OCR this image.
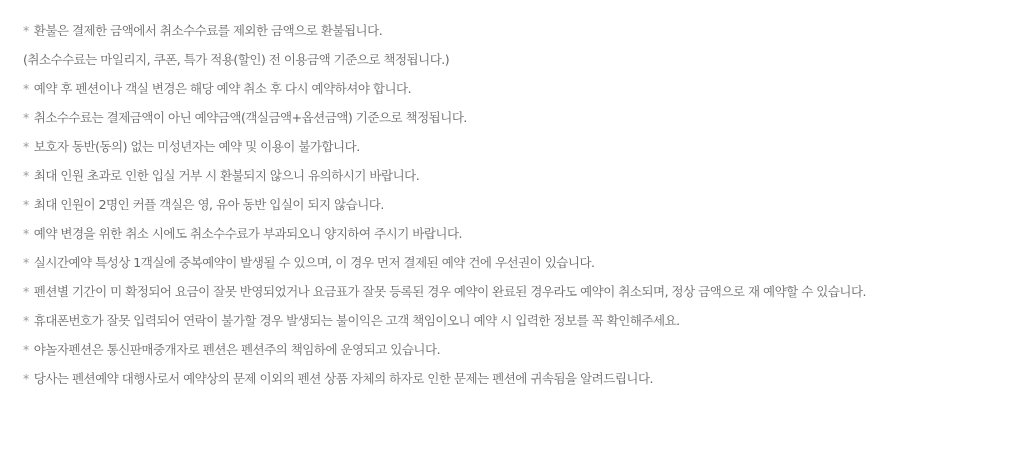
* 환불은 결제한 금액에서 취소수수료를 제외한 금액으로 환불됩니다.
(취소수수료는 마일리지, 쿠폰, 특가 적용(할인) 전 이용금액 기준으로 책정됩니다.)
* 예약 후 펜션이나 객실 변경은 해당 예약 취소 후 다시 예약하셔야 합니다.
* 취소수수료는 결제금액이 아닌 예약금액(객실금액+옵션금액) 기준으로 책정됩니다.
* 보호자 동반(동의) 없는 미성년자는 예약 및 이용이 불가합니다.
* 최대 인원 초과로 인한 입실 거부 시 환불되지 않으니 유의하시기 바랍니다.
* 최대 인원이 2명인 커플 객실은 영, 유아 동반 입실이 되지 않습니다.
* 예약 변경을 위한 취소 시에도 취소수수료가 부과되오니 양지하여 주시기 바랍니다.
* 실시간예약 특성상 1객실에 중복예약이 발생될 수 있으며, 이 경우 먼저 결제된 예약 건에 우선권이 있습니다.
* 펜션별 기간이 미 확정되어 요금이 잘못 반영되었거나 요금표가 잘못 등록된 경우 예약이 완료된 경우라도 예약이 취소되며, 정상 금액으로 재 예약할 수 있습니다.
* 휴대폰번호가 잘못 입력되어 연락이 불가할 경우 발생되는 불이익은 고객 책임이오니 예약 시 입력한 정보를 꼭 확인해주세요.
* 야놀자펜션은 통신판매중개자로 펜션은 펜션주의 책임하에 운영되고 있습니다.
* 당사는 펜션예약 대행사로서 예약상의 문제 이외의 펜션 상품 자체의 하자로 인한 문제는 펜션에 귀속됨을 알려드립니다.
